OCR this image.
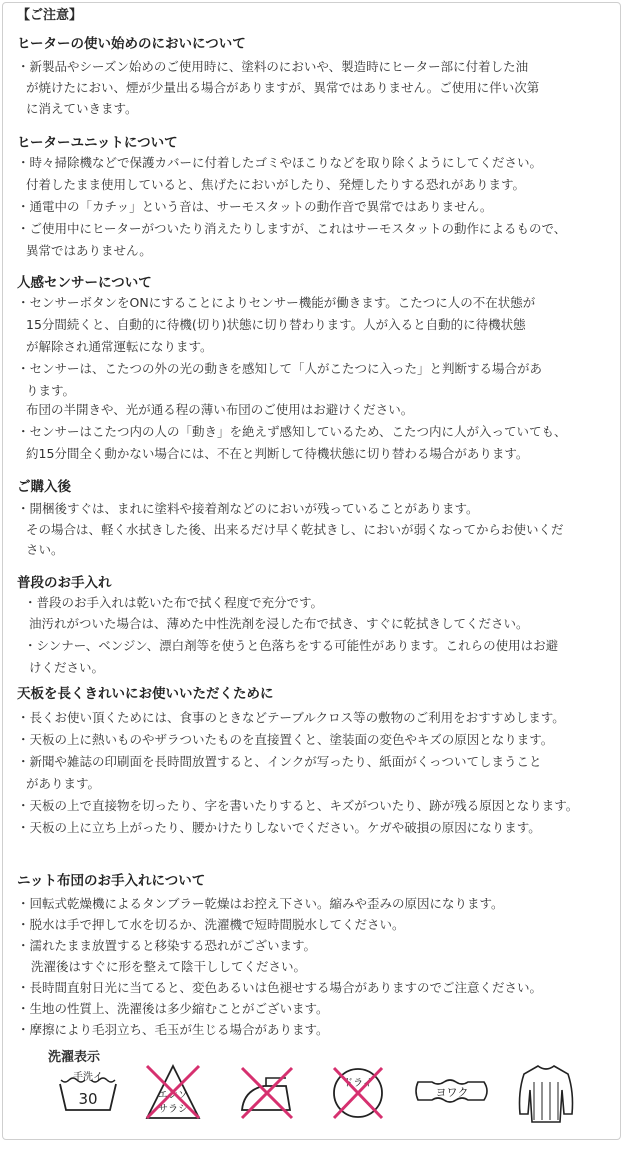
【ご注意】
ヒーターの使い始めのにおいについて
・新製品やシーズン始めのご使用時に、塗料のにおいや、製造時にヒーター部に付着した油
が焼けたにおい、煙が少量出る場合がありますが、異常ではありません。ご使用に伴い次第
に消えていきます。
ヒーターユニットについて
・時々掃除機などで保護カバーに付着したゴミやほこりなどを取り除くようにしてください。
付着したまま使用していると、焦げたにおいがしたり、発煙したりする恐れがあります。
・通電中の「カチッ」という音は、サーモスタットの動作音で異常ではありません。
・ご使用中にヒーターがついたり消えたりしますが、これはサーモスタットの動作によるもので、
異常ではありません。
人感センサーについて
・センサーボタンをONにすることによりセンサー機能が働きます。こたつに人の不在状態が
15分間続くと、自動的に待機(切り)状態に切り替わります。人が入ると自動的に待機状態
が解除され通常運転になります。
・センサーは、こたつの外の光の動きを感知して「人がこたつに入った」と判断する場合があ
ります。
布団の半開きや、光が通る程の薄い布団のご使用はお避けください。
・センサーはこたつ内の人の「動き」を絶えず感知しているため、こたつ内に人が入っていても、
約15分間全く動かない場合には、不在と判断して待機状態に切り替わる場合があります。
ご購入後
・開梱後すぐは、まれに塗料や接着剤などのにおいが残っていることがあります。
その場合は、軽く水拭きした後、出来るだけ早く乾拭きし、においが弱くなってからお使いくだ
さい。
普段のお手入れ
・普段のお手入れは乾いた布で拭く程度で充分です。
油汚れがついた場合は、薄めた中性洗剤を浸した布で拭き、すぐに乾拭きしてください。
・シンナー、ベンジン、漂白剤等を使うと色落ちをする可能性があります。これらの使用はお避
けください。
天板を長くきれいにお使いいただくために
・長くお使い頂くためには、食事のときなどテーブルクロス等の敷物のご利用をおすすめします。
・天板の上に熱いものやザラついたものを直接置くと、塗装面の変色やキズの原因となります。
・新聞や雑誌の印刷面を長時間放置すると、インクが写ったり、紙面がくっついてしまうこと
があります。
・天板の上で直接物を切ったり、字を書いたりすると、キズがついたり、跡が残る原因となります。
・天板の上に立ち上がったり、腰かけたりしないでください。ケガや破損の原因になります。
ニット布団のお手入れについて
・回転式乾燥機によるタンブラー乾燥はお控え下さい。縮みや歪みの原因になります。
・脱水は手で押して水を切るか、洗濯機で短時間脱水してください。
・濡れたまま放置すると移染する恐れがございます。
洗濯後はすぐに形を整えて陰干ししてください。
・長時間直射日光に当てると、変色あるいは色褪せする場合がありますのでご注意ください。
・生地の性質上、洗濯後は多少縮むことがございます。
・摩擦により毛羽立ち、毛玉が生じる場合があります。
洗濯表示
手洗イ
30	エンソ
サラシ
ドライ
ヨワク
